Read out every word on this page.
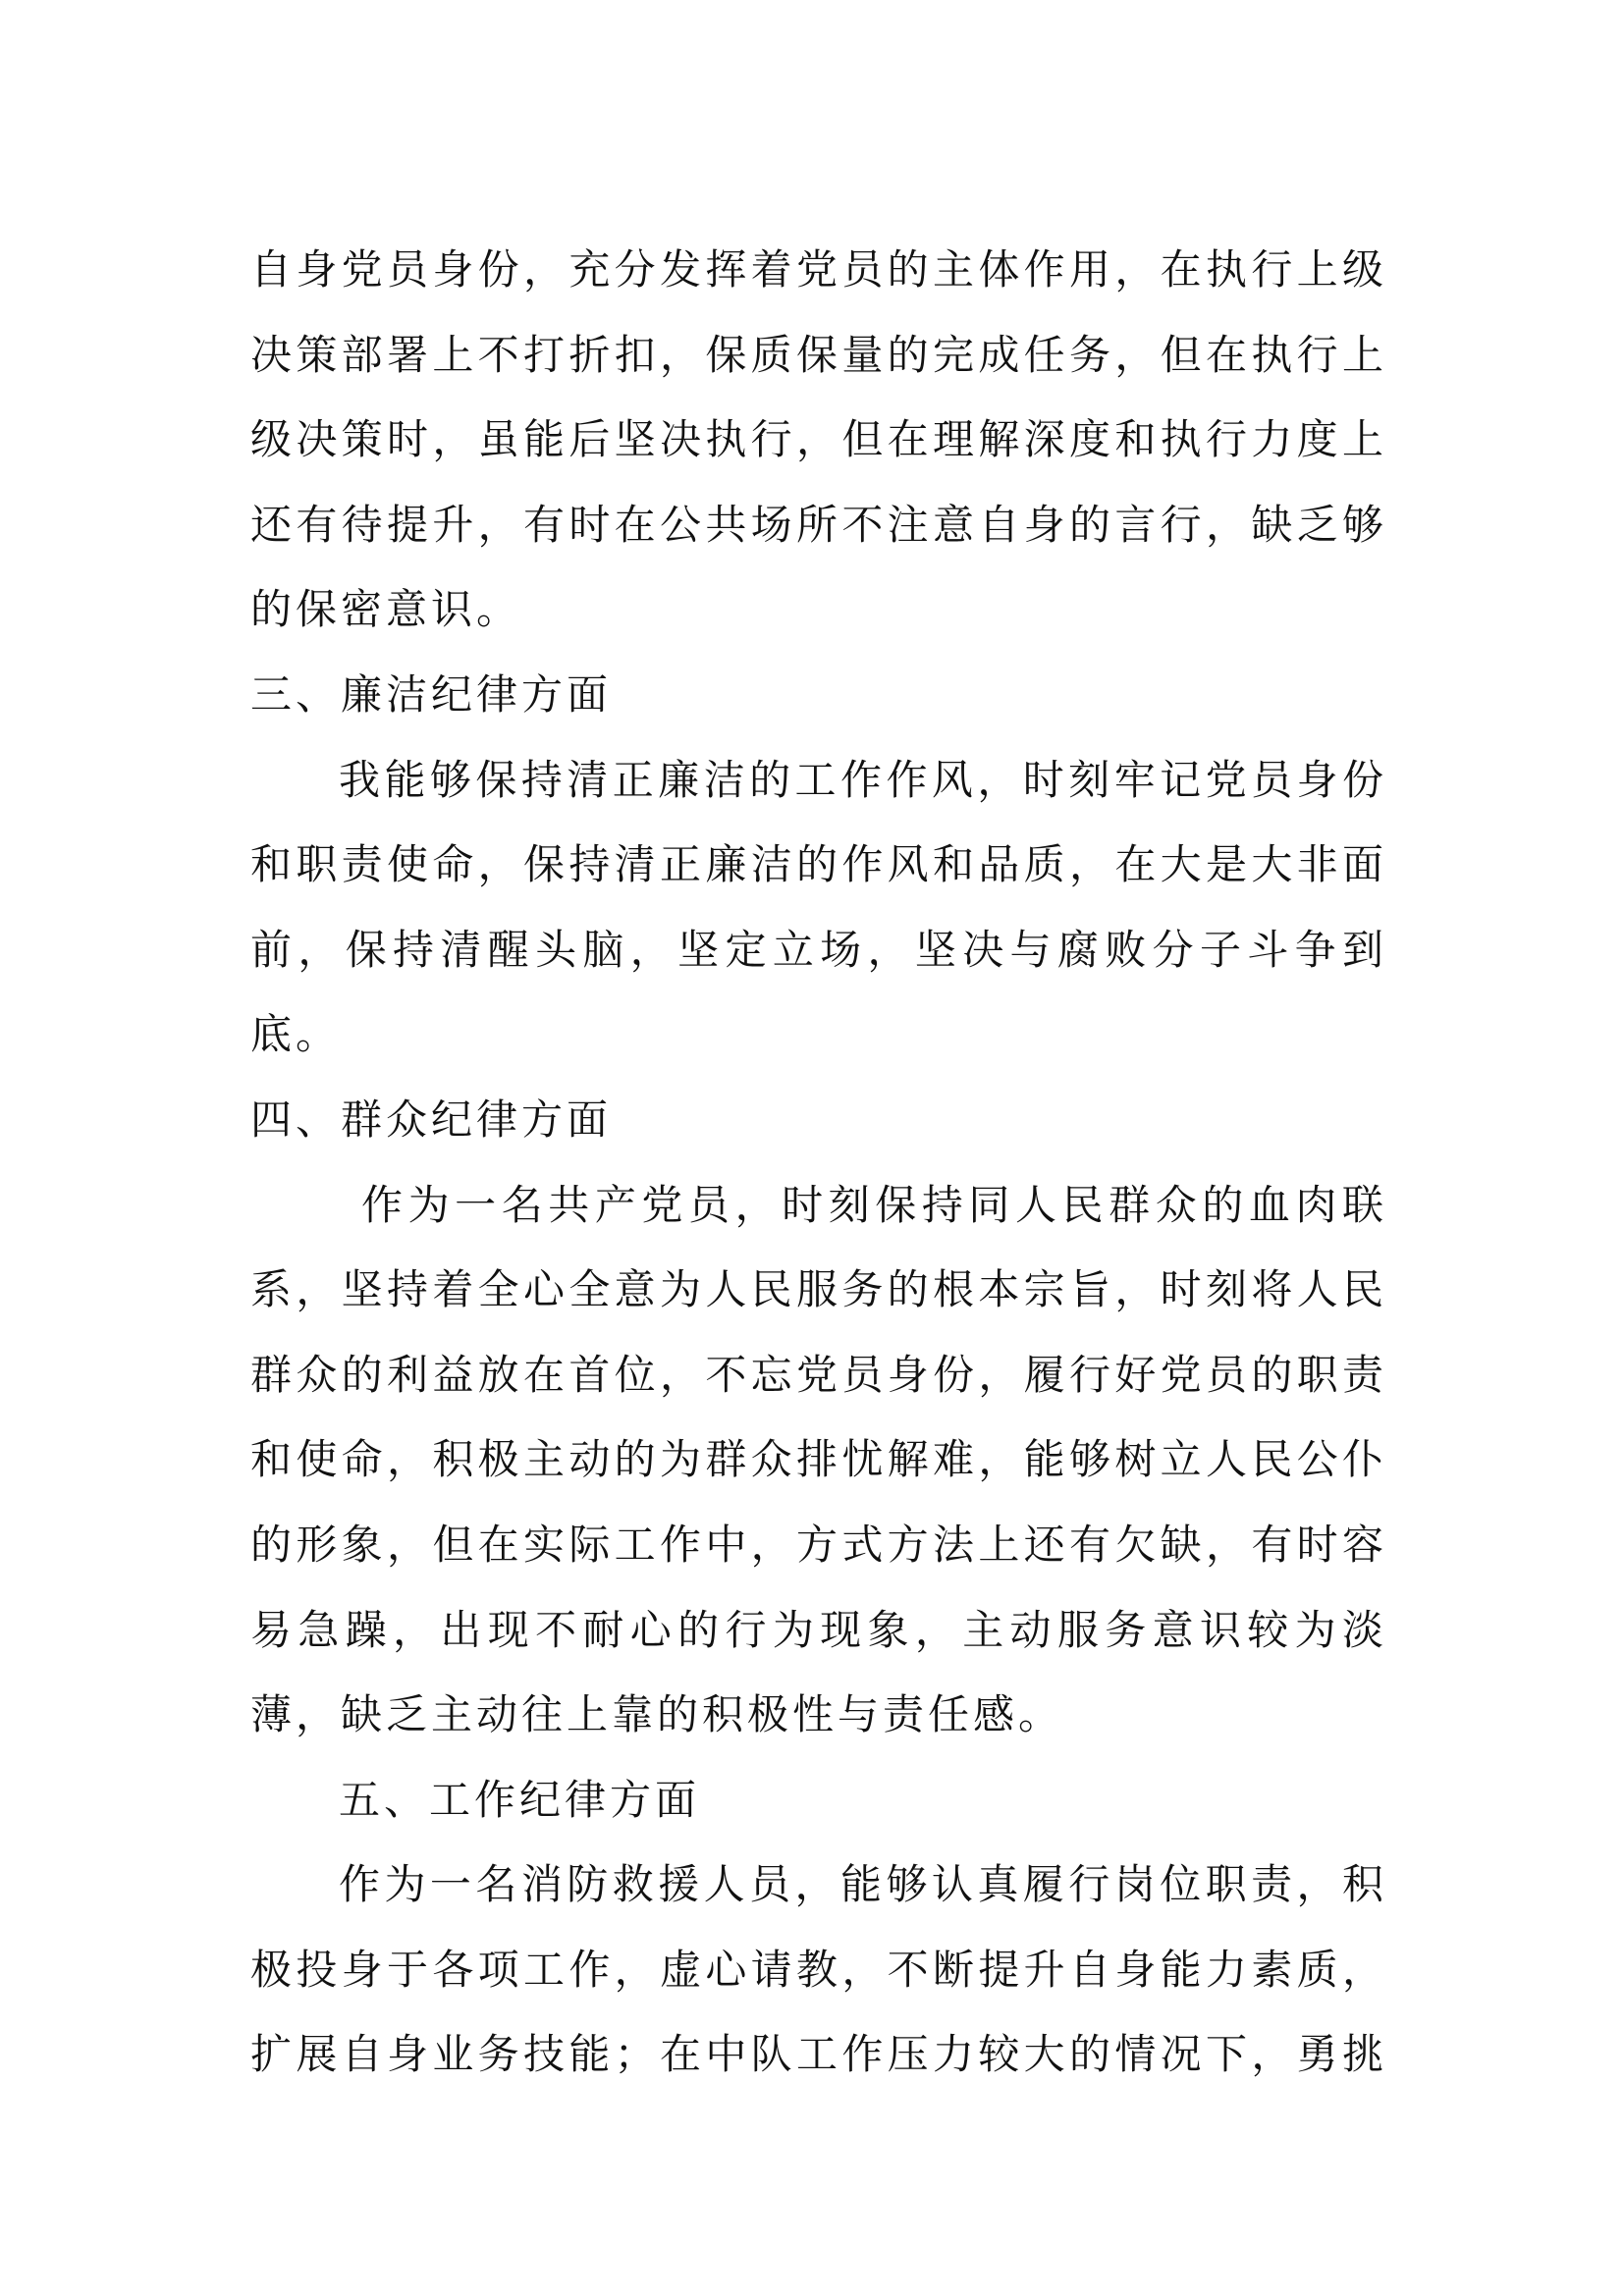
自身党员身份，充分发挥着党员的主体作用，在执行上级
决策部署上不打折扣，保质保量的完成任务，但在执行上
级决策时，虽能后坚决执行，但在理解深度和执行力度上
还有待提升，有时在公共场所不注意自身的言行，缺乏够
的保密意识。
三、廉洁纪律方面
我能够保持清正廉洁的工作作风，时刻牢记党员身份
和职责使命，保持清正廉洁的作风和品质，在大是大非面
前，保持清醒头脑，坚定立场，坚决与腐败分子斗争到
底。
四、群众纪律方面
作为一名共产党员，时刻保持同人民群众的血肉联
系，坚持着全心全意为人民服务的根本宗旨，时刻将人民
群众的利益放在首位，不忘党员身份，履行好党员的职责
和使命，积极主动的为群众排忧解难，能够树立人民公仆
的形象，但在实际工作中，方式方法上还有欠缺，有时容
易急躁，出现不耐心的行为现象，主动服务意识较为淡
薄，缺乏主动往上靠的积极性与责任感。
五、工作纪律方面
作为一名消防救援人员，能够认真履行岗位职责，积
极投身于各项工作，虚心请教，不断提升自身能力素质，
扩展自身业务技能；在中队工作压力较大的情况下，勇挑
